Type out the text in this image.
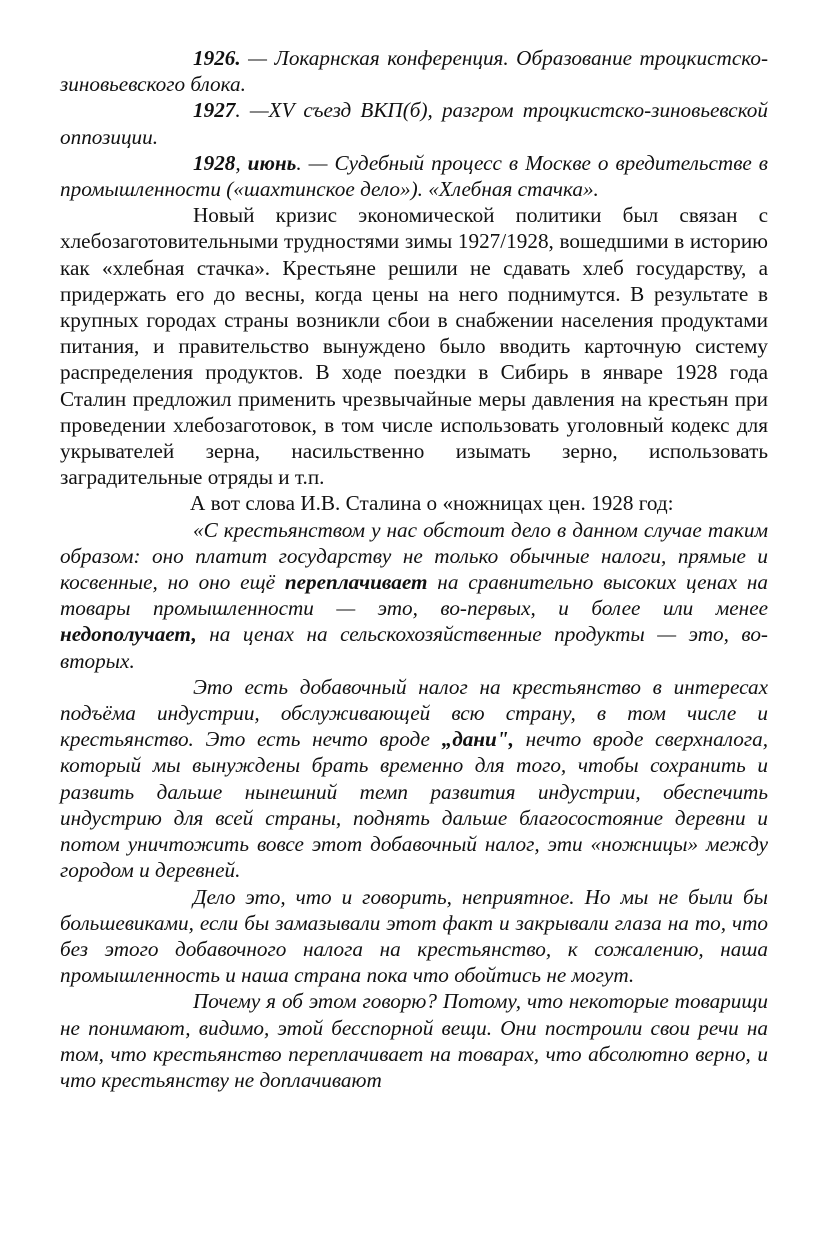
1926. — Локарнская конференция. Образование троцкистско-зиновьевского блока.

1927. —XV съезд ВКП(б), разгром троцкистско-зиновьевской оппозиции.

1928, июнь. — Судебный процесс в Москве о вредительстве в промышленности («шахтинское дело»). «Хлебная стачка».

Новый кризис экономической политики был связан с хлебозаготовительными трудностями зимы 1927/1928, вошедшими в историю как «хлебная стачка». Крестьяне решили не сдавать хлеб государству, а придержать его до весны, когда цены на него поднимутся. В результате в крупных городах страны возникли сбои в снабжении населения продуктами питания, и правительство вынуждено было вводить карточную систему распределения продуктов. В ходе поездки в Сибирь в январе 1928 года Сталин предложил применить чрезвычайные меры давления на крестьян при проведении хлебозаготовок, в том числе использовать уголовный кодекс для укрывателей зерна, насильственно изымать зерно, использовать заградительные отряды и т.п.

А вот слова И.В. Сталина о «ножницах цен. 1928 год:

«С крестьянством у нас обстоит дело в данном случае таким образом: оно платит государству не только обычные налоги, прямые и косвенные, но оно ещё переплачивает на сравнительно высоких ценах на товары промышленности — это, во-первых, и более или менее недополучает, на ценах на сельскохозяйственные продукты — это, во-вторых.

Это есть добавочный налог на крестьянство в интересах подъёма индустрии, обслуживающей всю страну, в том числе и крестьянство. Это есть нечто вроде „дани", нечто вроде сверхналога, который мы вынуждены брать временно для того, чтобы сохранить и развить дальше нынешний темп развития индустрии, обеспечить индустрию для всей страны, поднять дальше благосостояние деревни и потом уничтожить вовсе этот добавочный налог, эти «ножницы» между городом и деревней.

Дело это, что и говорить, неприятное. Но мы не были бы большевиками, если бы замазывали этот факт и закрывали глаза на то, что без этого добавочного налога на крестьянство, к сожалению, наша промышленность и наша страна пока что обойтись не могут.

Почему я об этом говорю? Потому, что некоторые товарищи не понимают, видимо, этой бесспорной вещи. Они построили свои речи на том, что крестьянство переплачивает на товарах, что абсолютно верно, и что крестьянству не доплачивают
